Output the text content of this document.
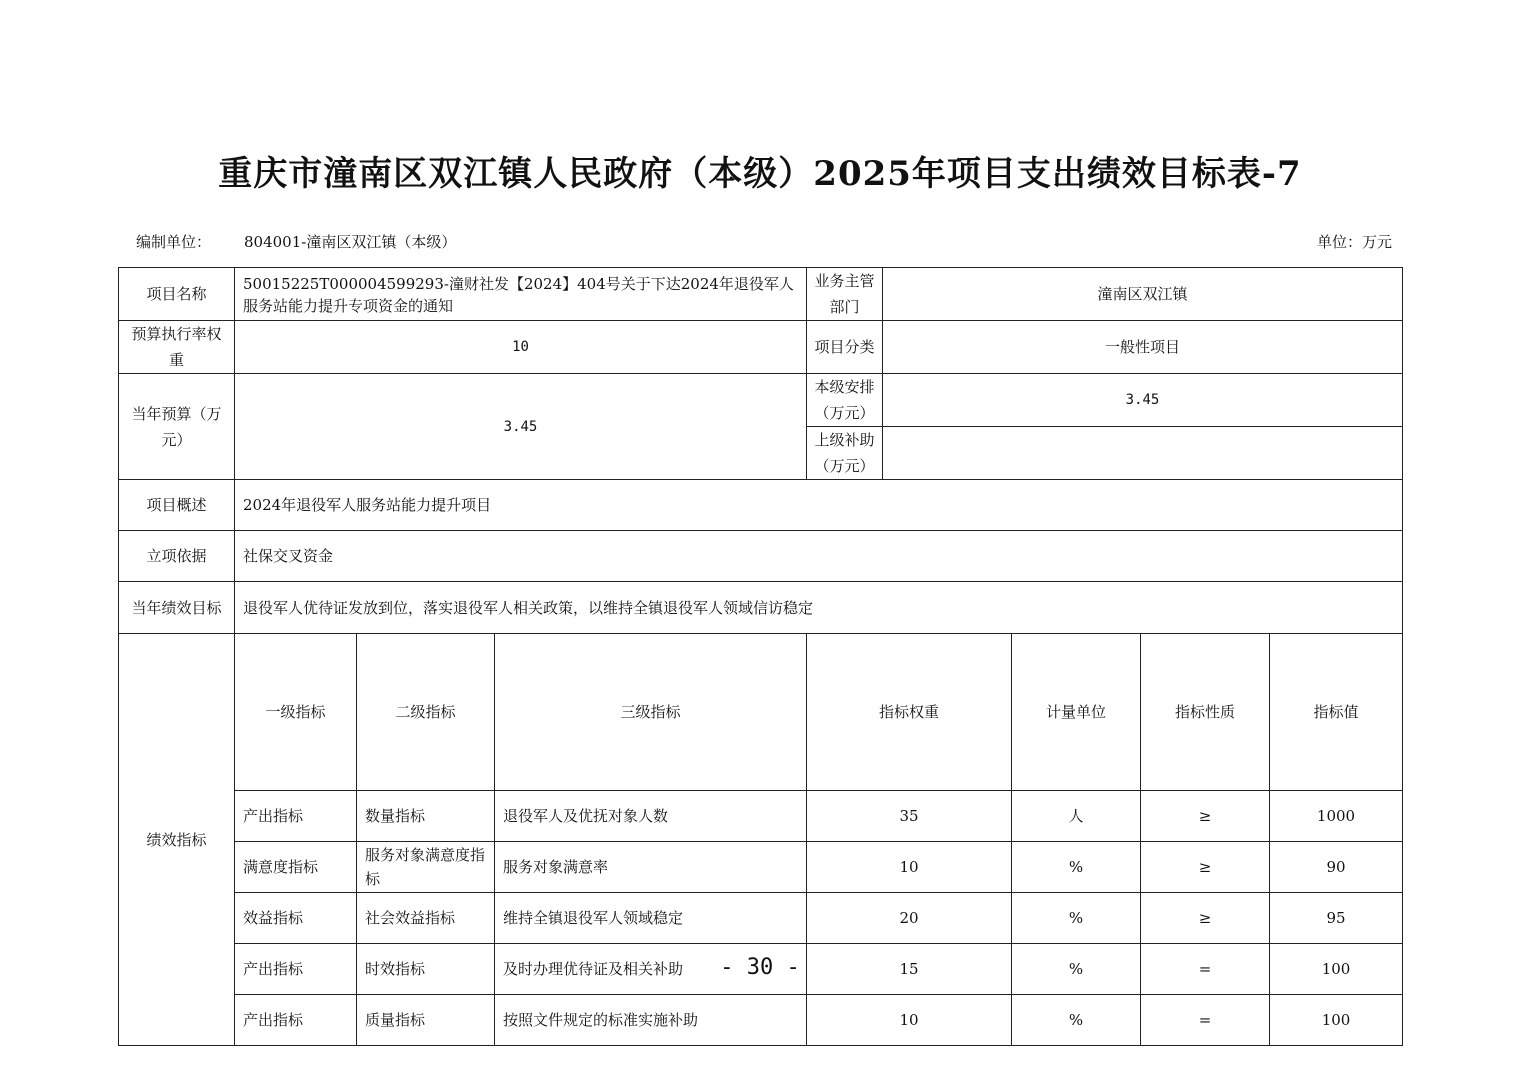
重庆市潼南区双江镇人民政府（本级）2025年项目支出绩效目标表-7
编制单位： 804001-潼南区双江镇（本级）	单位：万元
项目名称	50015225T000004599293-潼财社发【2024】404号关于下达2024年退役军人服务站能力提升专项资金的通知			业务主管部门	潼南区双江镇				
预算执行率权重	10			项目分类	一般性项目				
当年预算（万元）	3.45			本级安排（万元）	3.45				
				上级补助（万元）					
项目概述	2024年退役军人服务站能力提升项目								
立项依据	社保交叉资金								
当年绩效目标	退役军人优待证发放到位，落实退役军人相关政策，以维持全镇退役军人领域信访稳定								
绩效指标	一级指标	二级指标	三级指标	指标权重		计量单位	指标性质	指标值	
	产出指标	数量指标	退役军人及优抚对象人数	35		人	≥	1000	
	满意度指标	服务对象满意度指标	服务对象满意率	10		%	≥	90	
	效益指标	社会效益指标	维持全镇退役军人领域稳定	20		%	≥	95	
	产出指标	时效指标	及时办理优待证及相关补助	15		%	=	100	
	产出指标	质量指标	按照文件规定的标准实施补助	10		%	=	100	
- 30 -
